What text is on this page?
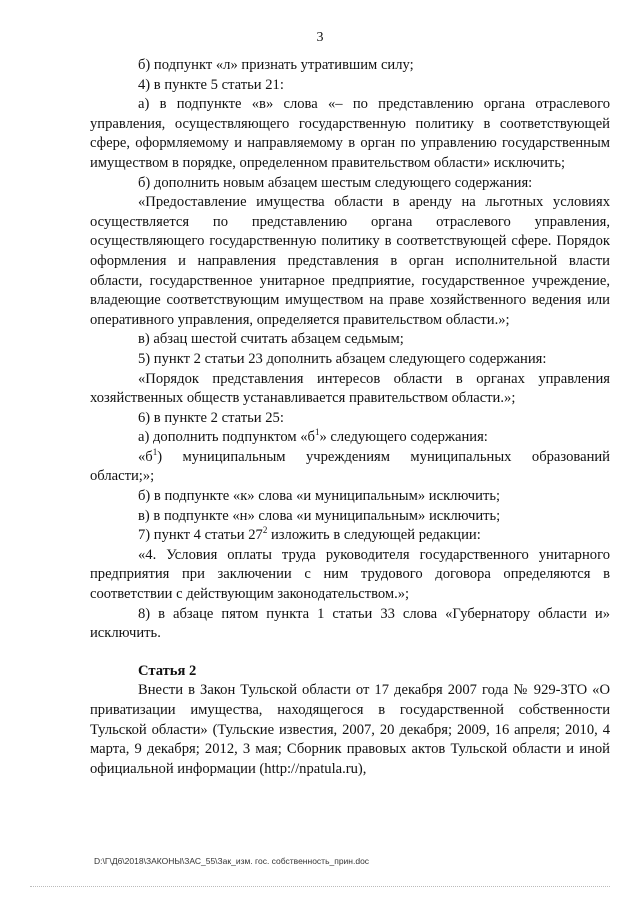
3

б) подпункт «л» признать утратившим силу;

4) в пункте 5 статьи 21:

а) в подпункте «в» слова «– по представлению органа отраслевого управления, осуществляющего государственную политику в соответствующей сфере, оформляемому и направляемому в орган по управлению государственным имуществом в порядке, определенном правительством области» исключить;

б) дополнить новым абзацем шестым следующего содержания:

«Предоставление имущества области в аренду на льготных условиях осуществляется по представлению органа отраслевого управления, осуществляющего государственную политику в соответствующей сфере. Порядок оформления и направления представления в орган исполнительной власти области, государственное унитарное предприятие, государственное учреждение, владеющие соответствующим имуществом на праве хозяйственного ведения или оперативного управления, определяется правительством области.»;

в) абзац шестой считать абзацем седьмым;

5) пункт 2 статьи 23 дополнить абзацем следующего содержания:

«Порядок представления интересов области в органах управления хозяйственных обществ устанавливается правительством области.»;

6) в пункте 2 статьи 25:

а) дополнить подпунктом «$б^1$» следующего содержания:

«$б^1$) муниципальным учреждениям муниципальных образований области;»;

б) в подпункте «к» слова «и муниципальным» исключить;

в) в подпункте «н» слова «и муниципальным» исключить;

7) пункт 4 статьи $27^2$ изложить в следующей редакции:

«4. Условия оплаты труда руководителя государственного унитарного предприятия при заключении с ним трудового договора определяются в соответствии с действующим законодательством.»;

8) в абзаце пятом пункта 1 статьи 33 слова «Губернатору области и» исключить.

Статья 2

Внести в Закон Тульской области от 17 декабря 2007 года № 929-ЗТО «О приватизации имущества, находящегося в государственной собственности Тульской области» (Тульские известия, 2007, 20 декабря; 2009, 16 апреля; 2010, 4 марта, 9 декабря; 2012, 3 мая; Сборник правовых актов Тульской области и иной официальной информации (http://npatula.ru),

D:\Г\Д6\2018\ЗАКОНЫ\ЗАС_55\Зак_изм. гос. собственность_прин.doc
